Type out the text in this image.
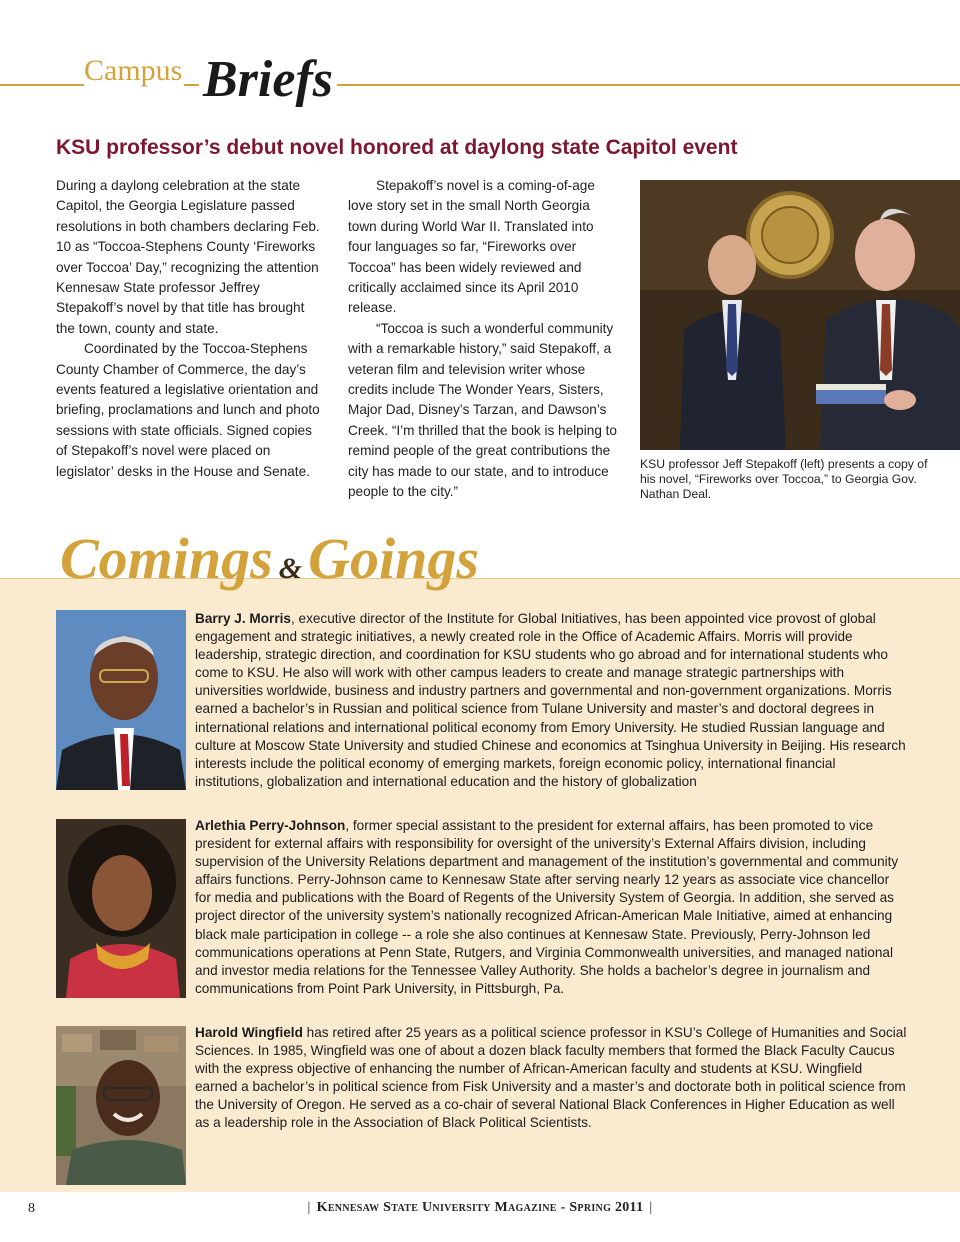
Campus Briefs
KSU professor’s debut novel honored at daylong state Capitol event

During a daylong celebration at the state Capitol, the Georgia Legislature passed resolutions in both chambers declaring Feb. 10 as “Toccoa-Stephens County ‘Fireworks over Toccoa’ Day,” recognizing the attention Kennesaw State professor Jeffrey Stepakoff’s novel by that title has brought the town, county and state.

Coordinated by the Toccoa-Stephens County Chamber of Commerce, the day’s events featured a legislative orientation and briefing, proclamations and lunch and photo sessions with state officials. Signed copies of Stepakoff’s novel were placed on legislator’ desks in the House and Senate.

Stepakoff’s novel is a coming-of-age love story set in the small North Georgia town during World War II. Translated into four languages so far, “Fireworks over Toccoa” has been widely reviewed and critically acclaimed since its April 2010 release.

“Toccoa is such a wonderful community with a remarkable history,” said Stepakoff, a veteran film and television writer whose credits include The Wonder Years, Sisters, Major Dad, Disney’s Tarzan, and Dawson’s Creek. “I’m thrilled that the book is helping to remind people of the great contributions the city has made to our state, and to introduce people to the city.”

KSU professor Jeff Stepakoff (left) presents a copy of his novel, “Fireworks over Toccoa,” to Georgia Gov. Nathan Deal.
Comings & Goings
Barry J. Morris, executive director of the Institute for Global Initiatives, has been appointed vice provost of global engagement and strategic initiatives, a newly created role in the Office of Academic Affairs. Morris will provide leadership, strategic direction, and coordination for KSU students who go abroad and for international students who come to KSU. He also will work with other campus leaders to create and manage strategic partnerships with universities worldwide, business and industry partners and governmental and non-government organizations. Morris earned a bachelor’s in Russian and political science from Tulane University and master’s and doctoral degrees in international relations and international political economy from Emory University. He studied Russian language and culture at Moscow State University and studied Chinese and economics at Tsinghua University in Beijing. His research interests include the political economy of emerging markets, foreign economic policy, international financial institutions, globalization and international education and the history of globalization
Arlethia Perry-Johnson, former special assistant to the president for external affairs, has been promoted to vice president for external affairs with responsibility for oversight of the university’s External Affairs division, including supervision of the University Relations department and management of the institution’s governmental and community affairs functions. Perry-Johnson came to Kennesaw State after serving nearly 12 years as associate vice chancellor for media and publications with the Board of Regents of the University System of Georgia. In addition, she served as project director of the university system’s nationally recognized African-American Male Initiative, aimed at enhancing black male participation in college -- a role she also continues at Kennesaw State. Previously, Perry-Johnson led communications operations at Penn State, Rutgers, and Virginia Commonwealth universities, and managed national and investor media relations for the Tennessee Valley Authority. She holds a bachelor’s degree in journalism and communications from Point Park University, in Pittsburgh, Pa.
Harold Wingfield has retired after 25 years as a political science professor in KSU’s College of Humanities and Social Sciences. In 1985, Wingfield was one of about a dozen black faculty members that formed the Black Faculty Caucus with the express objective of enhancing the number of African-American faculty and students at KSU. Wingfield earned a bachelor’s in political science from Fisk University and a master’s and doctorate both in political science from the University of Oregon. He served as a co-chair of several National Black Conferences in Higher Education as well as a leadership role in the Association of Black Political Scientists.
8	| Kennesaw State University Magazine - Spring 2011 |
